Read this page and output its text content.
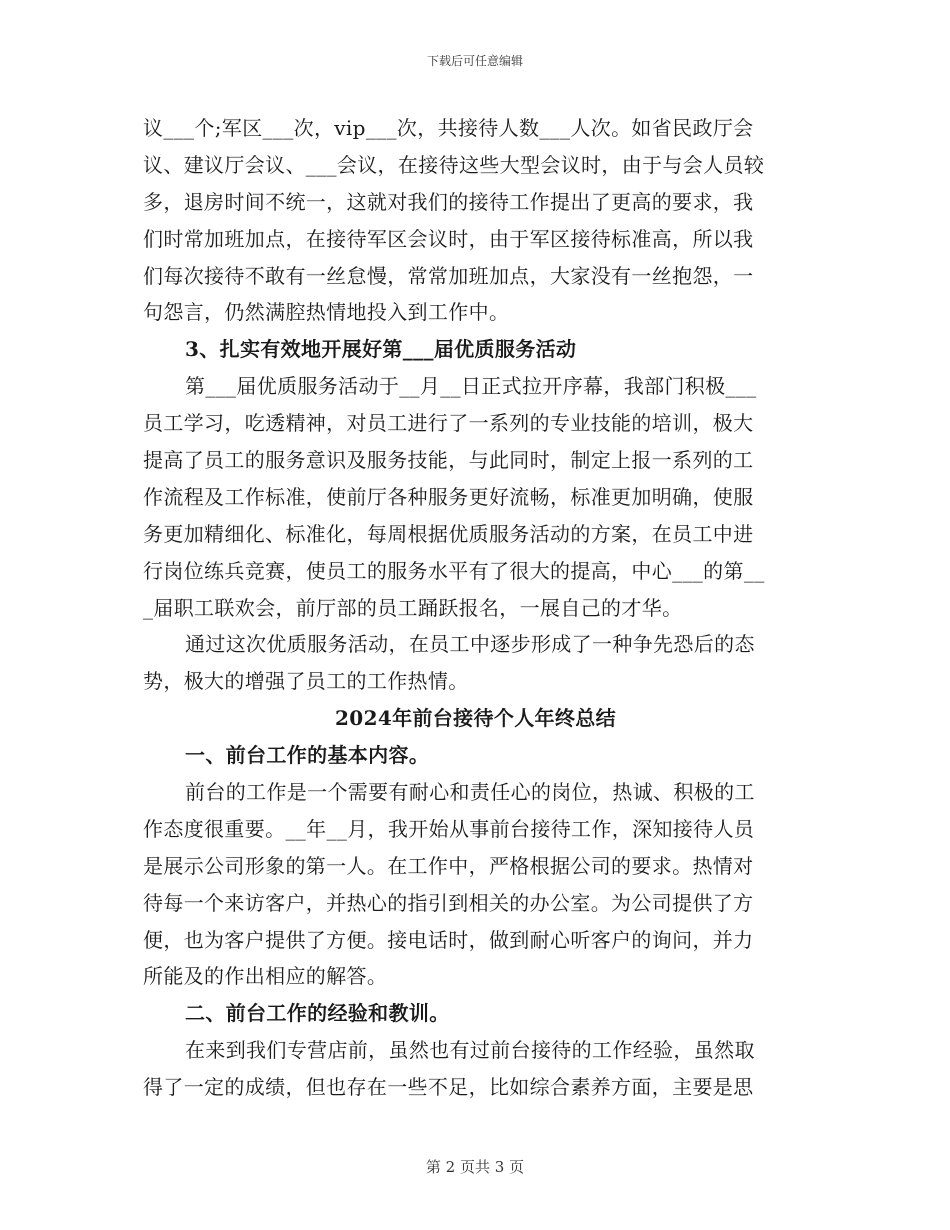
下载后可任意编辑
议___个;军区___次，vip___次，共接待人数___人次。如省民政厅会
议、建议厅会议、___会议，在接待这些大型会议时，由于与会人员较
多，退房时间不统一，这就对我们的接待工作提出了更高的要求，我
们时常加班加点，在接待军区会议时，由于军区接待标准高，所以我
们每次接待不敢有一丝怠慢，常常加班加点，大家没有一丝抱怨，一
句怨言，仍然满腔热情地投入到工作中。
3、扎实有效地开展好第___届优质服务活动
第___届优质服务活动于__月__日正式拉开序幕，我部门积极___
员工学习，吃透精神，对员工进行了一系列的专业技能的培训，极大
提高了员工的服务意识及服务技能，与此同时，制定上报一系列的工
作流程及工作标准，使前厅各种服务更好流畅，标准更加明确，使服
务更加精细化、标准化，每周根据优质服务活动的方案，在员工中进
行岗位练兵竞赛，使员工的服务水平有了很大的提高，中心___的第__
_届职工联欢会，前厅部的员工踊跃报名，一展自己的才华。
通过这次优质服务活动，在员工中逐步形成了一种争先恐后的态
势，极大的增强了员工的工作热情。
2024年前台接待个人年终总结
一、前台工作的基本内容。
前台的工作是一个需要有耐心和责任心的岗位，热诚、积极的工
作态度很重要。__年__月，我开始从事前台接待工作，深知接待人员
是展示公司形象的第一人。在工作中，严格根据公司的要求。热情对
待每一个来访客户，并热心的指引到相关的办公室。为公司提供了方
便，也为客户提供了方便。接电话时，做到耐心听客户的询问，并力
所能及的作出相应的解答。
二、前台工作的经验和教训。
在来到我们专营店前，虽然也有过前台接待的工作经验，虽然取
得了一定的成绩，但也存在一些不足，比如综合素养方面，主要是思
第 2 页共 3 页
